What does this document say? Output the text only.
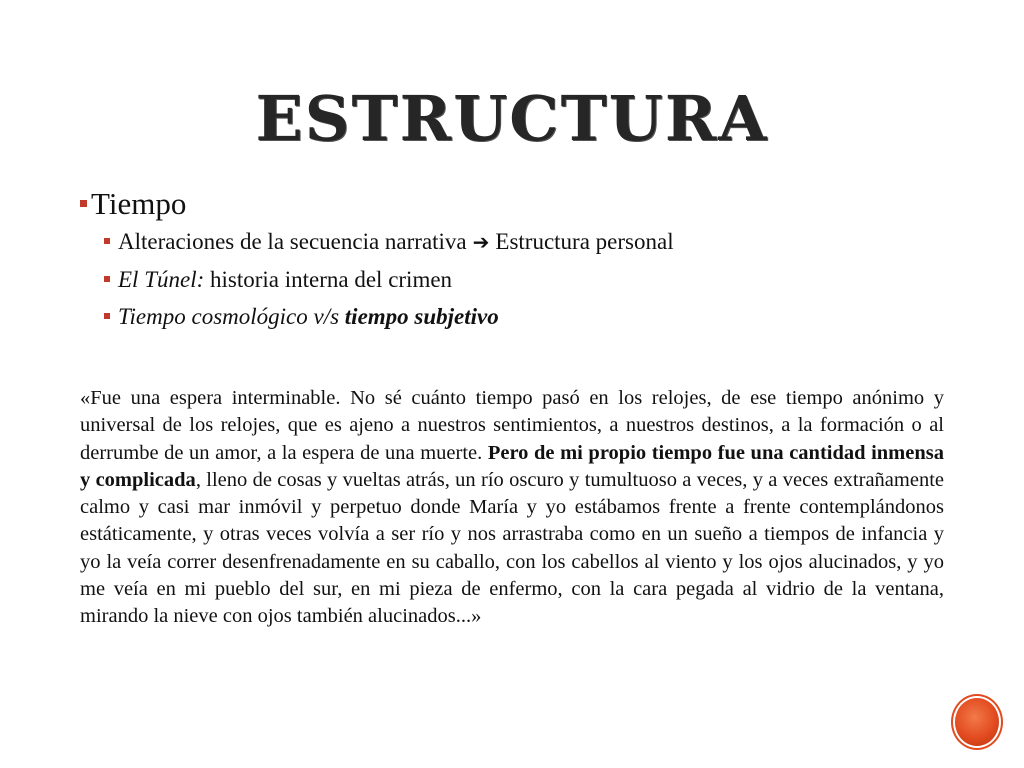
ESTRUCTURA
Tiempo
Alteraciones de la secuencia narrativa ➔ Estructura personal
El Túnel: historia interna del crimen
Tiempo cosmológico v/s tiempo subjetivo
«Fue una espera interminable. No sé cuánto tiempo pasó en los relojes, de ese tiempo anónimo y universal de los relojes, que es ajeno a nuestros sentimientos, a nuestros destinos, a la formación o al derrumbe de un amor, a la espera de una muerte. Pero de mi propio tiempo fue una cantidad inmensa y complicada, lleno de cosas y vueltas atrás, un río oscuro y tumultuoso a veces, y a veces extrañamente calmo y casi mar inmóvil y perpetuo donde María y yo estábamos frente a frente contemplándonos estáticamente, y otras veces volvía a ser río y nos arrastraba como en un sueño a tiempos de infancia y yo la veía correr desenfrenadamente en su caballo, con los cabellos al viento y los ojos alucinados, y yo me veía en mi pueblo del sur, en mi pieza de enfermo, con la cara pegada al vidrio de la ventana, mirando la nieve con ojos también alucinados...»
